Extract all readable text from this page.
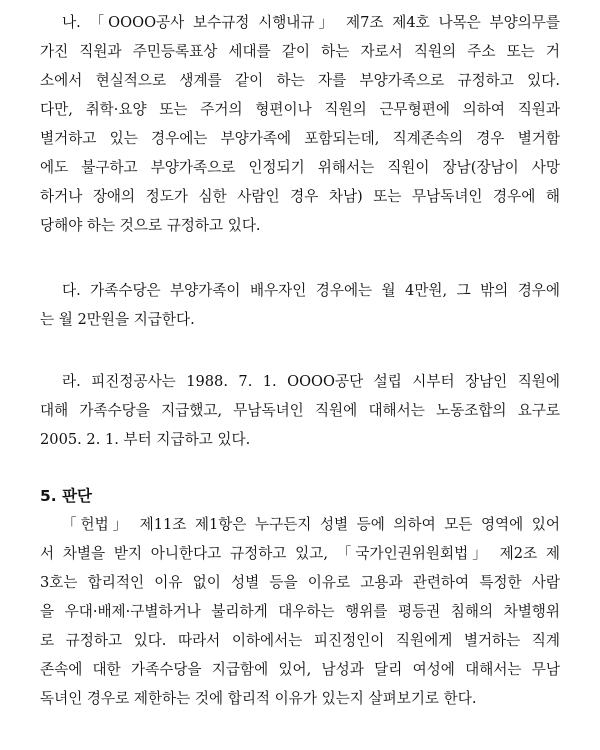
나. 「OOOO공사 보수규정 시행내규」 제7조 제4호 나목은 부양의무를
가진 직원과 주민등록표상 세대를 같이 하는 자로서 직원의 주소 또는 거
소에서 현실적으로 생계를 같이 하는 자를 부양가족으로 규정하고 있다.
다만, 취학·요양 또는 주거의 형편이나 직원의 근무형편에 의하여 직원과
별거하고 있는 경우에는 부양가족에 포함되는데, 직계존속의 경우 별거함
에도 불구하고 부양가족으로 인정되기 위해서는 직원이 장남(장남이 사망
하거나 장애의 정도가 심한 사람인 경우 차남) 또는 무남독녀인 경우에 해
당해야 하는 것으로 규정하고 있다.
다. 가족수당은 부양가족이 배우자인 경우에는 월 4만원, 그 밖의 경우에
는 월 2만원을 지급한다.
라. 피진정공사는 1988. 7. 1. OOOO공단 설립 시부터 장남인 직원에
대해 가족수당을 지급했고, 무남독녀인 직원에 대해서는 노동조합의 요구로
2005. 2. 1. 부터 지급하고 있다.
5. 판단
「헌법」 제11조 제1항은 누구든지 성별 등에 의하여 모든 영역에 있어
서 차별을 받지 아니한다고 규정하고 있고, 「국가인권위원회법」 제2조 제
3호는 합리적인 이유 없이 성별 등을 이유로 고용과 관련하여 특정한 사람
을 우대·배제·구별하거나 불리하게 대우하는 행위를 평등권 침해의 차별행위
로 규정하고 있다. 따라서 이하에서는 피진정인이 직원에게 별거하는 직계
존속에 대한 가족수당을 지급함에 있어, 남성과 달리 여성에 대해서는 무남
독녀인 경우로 제한하는 것에 합리적 이유가 있는지 살펴보기로 한다.
